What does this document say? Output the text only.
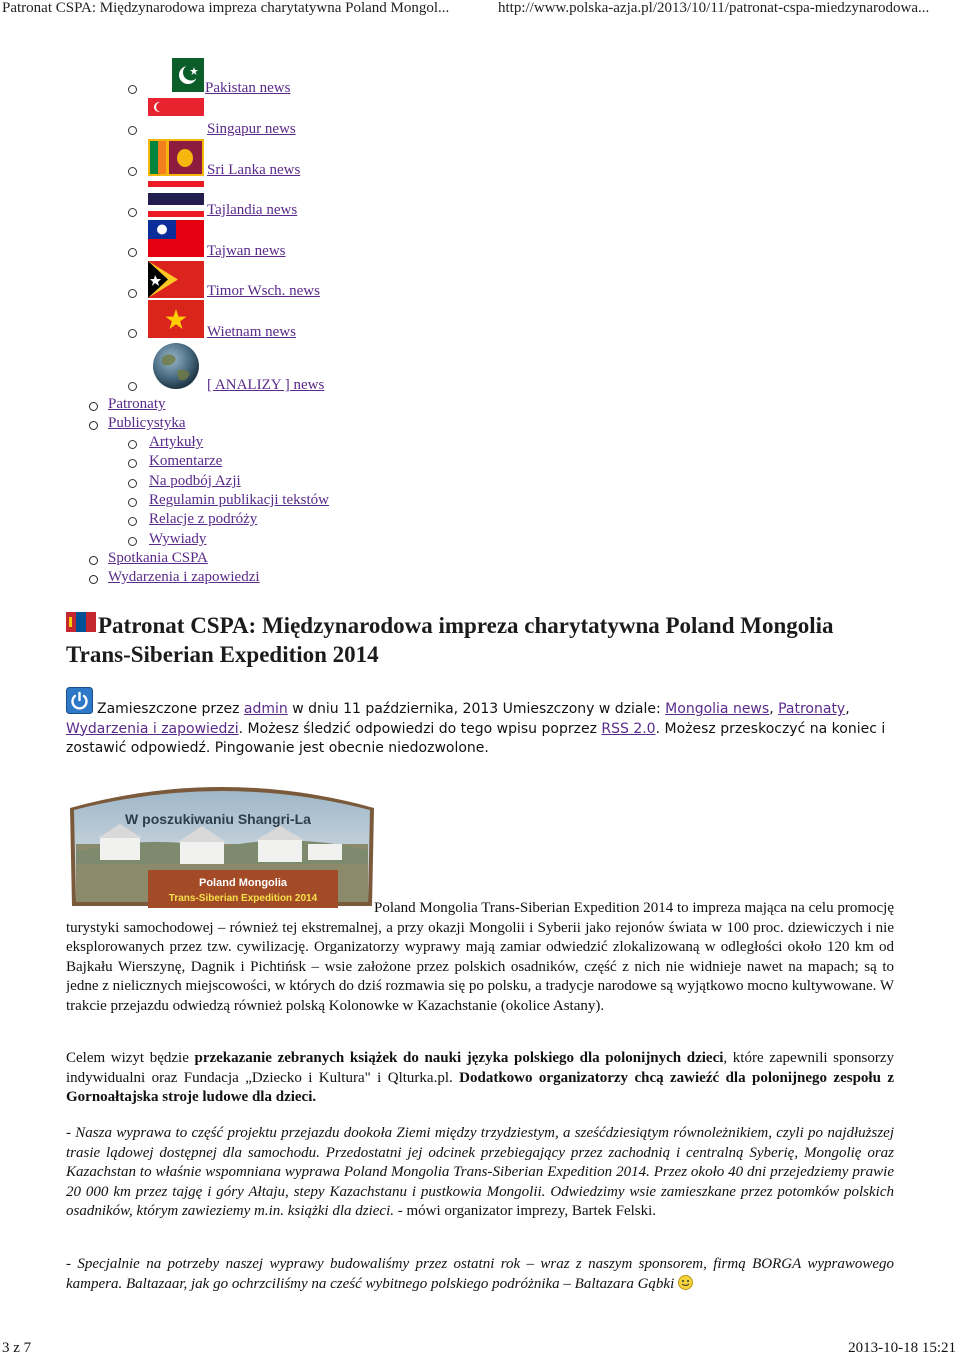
Patronat CSPA: Międzynarodowa impreza charytatywna Poland Mongol...	http://www.polska-azja.pl/2013/10/11/patronat-cspa-miedzynarodowa...
Pakistan news
Singapur news
Sri Lanka news
Tajlandia news
Tajwan news
Timor Wsch. news
Wietnam news
[ ANALIZY ] news
Patronaty
Publicystyka
Artykuły
Komentarze
Na podbój Azji
Regulamin publikacji tekstów
Relacje z podróży
Wywiady
Spotkania CSPA
Wydarzenia i zapowiedzi
Patronat CSPA: Międzynarodowa impreza charytatywna Poland Mongolia Trans-Siberian Expedition 2014
Zamieszczone przez admin w dniu 11 października, 2013 Umieszczony w dziale: Mongolia news, Patronaty, Wydarzenia i zapowiedzi. Możesz śledzić odpowiedzi do tego wpisu poprzez RSS 2.0. Możesz przeskoczyć na koniec i zostawić odpowiedź. Pingowanie jest obecnie niedozwolone.
W poszukiwaniu Shangri-La
Poland Mongolia
Trans-Siberian Expedition 2014
Poland Mongolia Trans-Siberian Expedition 2014 to impreza mająca na celu promocję turystyki samochodowej – również tej ekstremalnej, a przy okazji Mongolii i Syberii jako rejonów świata w 100 proc. dziewiczych i nie eksplorowanych przez tzw. cywilizację. Organizatorzy wyprawy mają zamiar odwiedzić zlokalizowaną w odległości około 120 km od Bajkału Wierszynę, Dagnik i Pichtińsk – wsie założone przez polskich osadników, część z nich nie widnieje nawet na mapach; są to jedne z nielicznych miejscowości, w których do dziś rozmawia się po polsku, a tradycje narodowe są wyjątkowo mocno kultywowane. W trakcie przejazdu odwiedzą również polską Kolonowke w Kazachstanie (okolice Astany).

Celem wizyt będzie przekazanie zebranych książek do nauki języka polskiego dla polonijnych dzieci, które zapewnili sponsorzy indywidualni oraz Fundacja „Dziecko i Kultura" i Qlturka.pl. Dodatkowo organizatorzy chcą zawieźć dla polonijnego zespołu z Gornoałtajska stroje ludowe dla dzieci.

- Nasza wyprawa to część projektu przejazdu dookoła Ziemi między trzydziestym, a sześćdziesiątym równoleżnikiem, czyli po najdłuższej trasie lądowej dostępnej dla samochodu. Przedostatni jej odcinek przebiegający przez zachodnią i centralną Syberię, Mongolię oraz Kazachstan to właśnie wspomniana wyprawa Poland Mongolia Trans-Siberian Expedition 2014. Przez około 40 dni przejedziemy prawie 20 000 km przez tajgę i góry Ałtaju, stepy Kazachstanu i pustkowia Mongolii. Odwiedzimy wsie zamieszkane przez potomków polskich osadników, którym zawieziemy m.in. książki dla dzieci. - mówi organizator imprezy, Bartek Felski.

- Specjalnie na potrzeby naszej wyprawy budowaliśmy przez ostatni rok – wraz z naszym sponsorem, firmą BORGA wyprawowego kampera. Baltazaar, jak go ochrzciliśmy na cześć wybitnego polskiego podróżnika – Baltazara Gąbki

3 z 7	2013-10-18 15:21
